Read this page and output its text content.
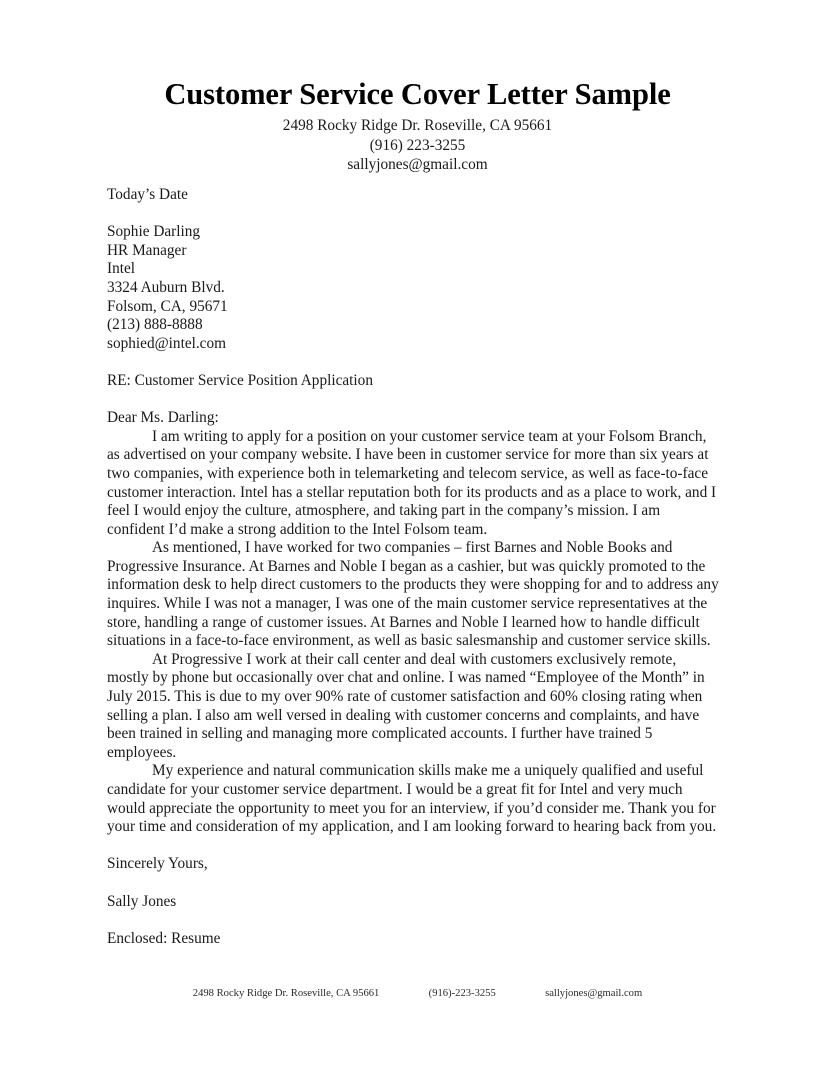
Customer Service Cover Letter Sample
2498 Rocky Ridge Dr. Roseville, CA 95661
(916) 223-3255
sallyjones@gmail.com
Today’s Date
Sophie Darling
HR Manager
Intel
3324 Auburn Blvd.
Folsom, CA, 95671
(213) 888-8888
sophied@intel.com
RE: Customer Service Position Application
Dear Ms. Darling:

I am writing to apply for a position on your customer service team at your Folsom Branch, as advertised on your company website. I have been in customer service for more than six years at two companies, with experience both in telemarketing and telecom service, as well as face-to-face customer interaction. Intel has a stellar reputation both for its products and as a place to work, and I feel I would enjoy the culture, atmosphere, and taking part in the company’s mission. I am confident I’d make a strong addition to the Intel Folsom team.

As mentioned, I have worked for two companies – first Barnes and Noble Books and Progressive Insurance. At Barnes and Noble I began as a cashier, but was quickly promoted to the information desk to help direct customers to the products they were shopping for and to address any inquires. While I was not a manager, I was one of the main customer service representatives at the store, handling a range of customer issues. At Barnes and Noble I learned how to handle difficult situations in a face-to-face environment, as well as basic salesmanship and customer service skills.

At Progressive I work at their call center and deal with customers exclusively remote, mostly by phone but occasionally over chat and online. I was named “Employee of the Month” in July 2015. This is due to my over 90% rate of customer satisfaction and 60% closing rating when selling a plan. I also am well versed in dealing with customer concerns and complaints, and have been trained in selling and managing more complicated accounts. I further have trained 5 employees.

My experience and natural communication skills make me a uniquely qualified and useful candidate for your customer service department. I would be a great fit for Intel and very much would appreciate the opportunity to meet you for an interview, if you’d consider me. Thank you for your time and consideration of my application, and I am looking forward to hearing back from you.

Sincerely Yours,
Sally Jones
Enclosed: Resume
2498 Rocky Ridge Dr. Roseville, CA 95661	(916)-223-3255	sallyjones@gmail.com
